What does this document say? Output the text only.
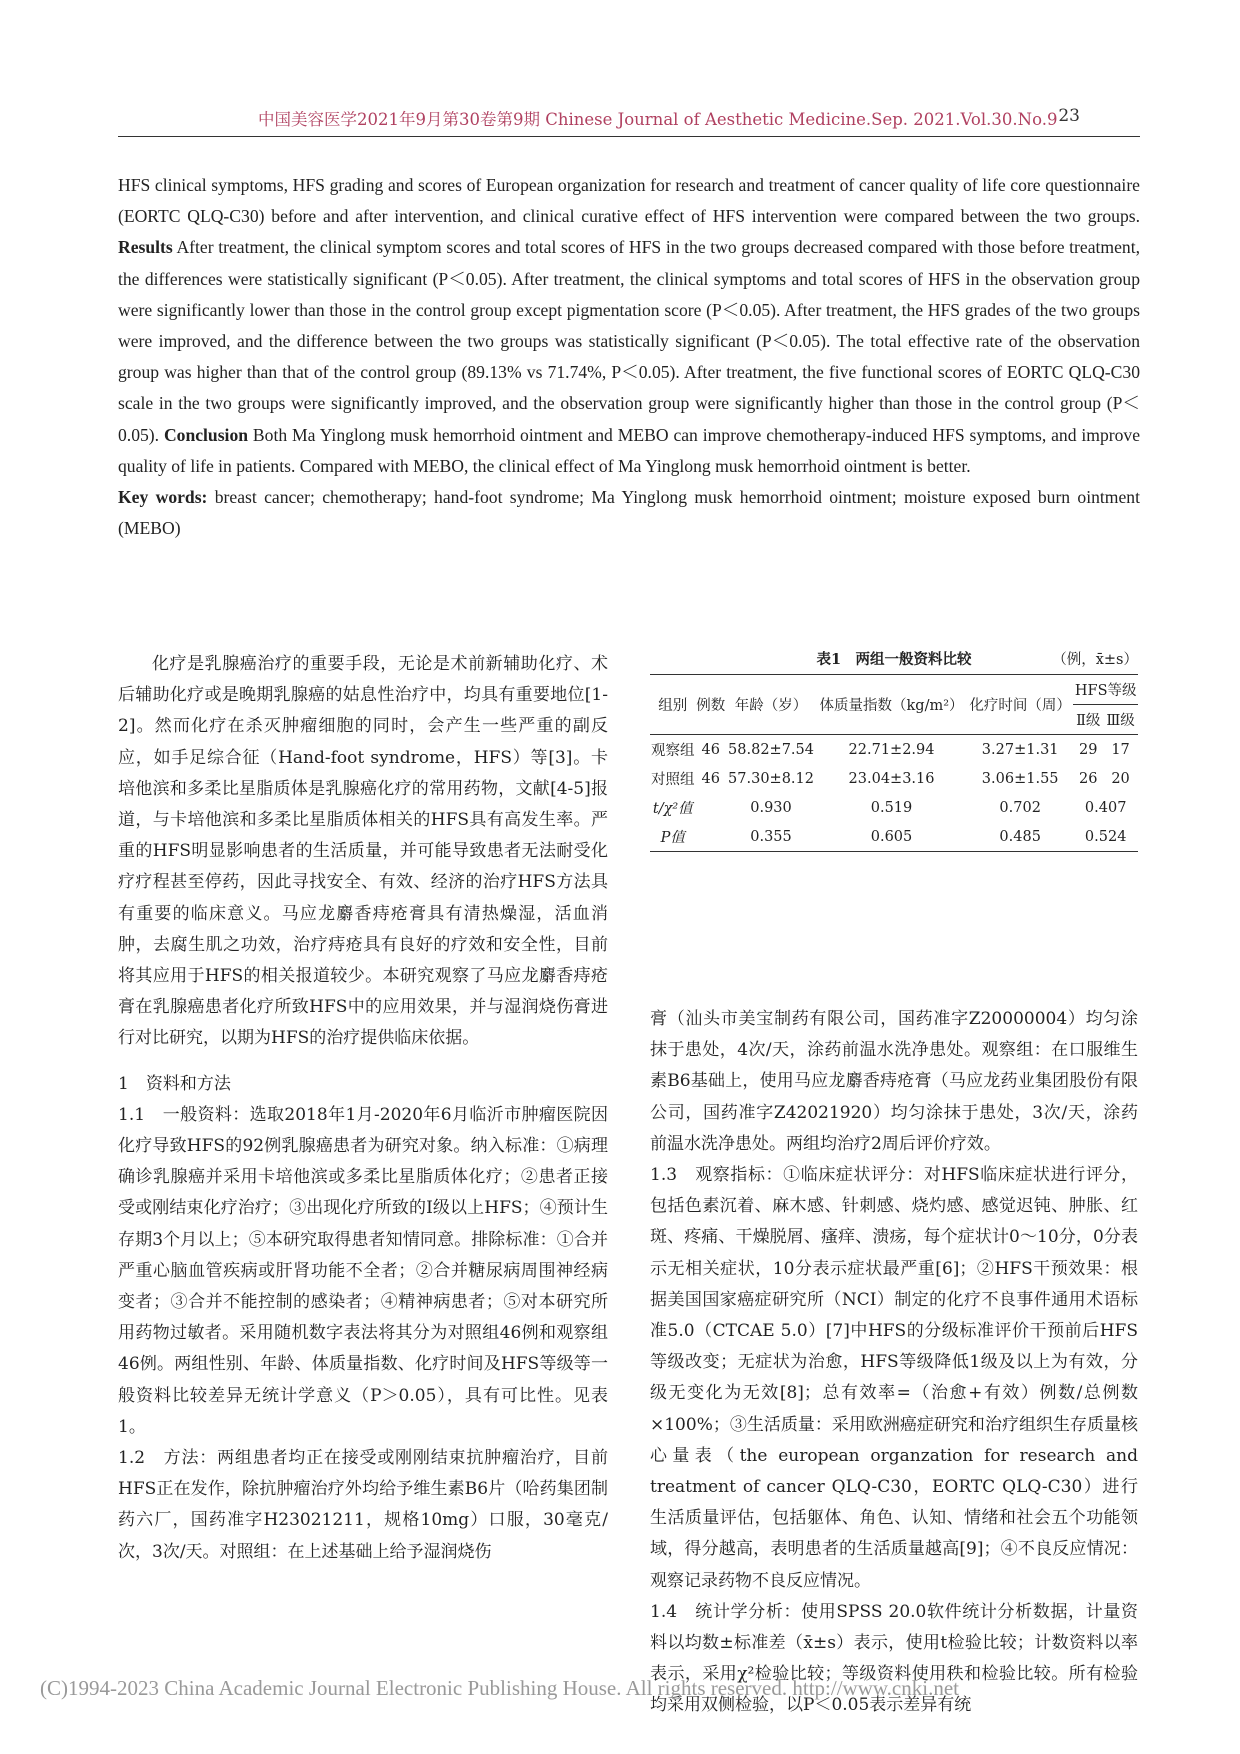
中国美容医学2021年9月第30卷第9期 Chinese Journal of Aesthetic Medicine.Sep. 2021.Vol.30.No.9 23

HFS clinical symptoms, HFS grading and scores of European organization for research and treatment of cancer quality of life core questionnaire (EORTC QLQ-C30) before and after intervention, and clinical curative effect of HFS intervention were compared between the two groups. Results After treatment, the clinical symptom scores and total scores of HFS in the two groups decreased compared with those before treatment, the differences were statistically significant (P＜0.05). After treatment, the clinical symptoms and total scores of HFS in the observation group were significantly lower than those in the control group except pigmentation score (P＜0.05). After treatment, the HFS grades of the two groups were improved, and the difference between the two groups was statistically significant (P＜0.05). The total effective rate of the observation group was higher than that of the control group (89.13% vs 71.74%, P＜0.05). After treatment, the five functional scores of EORTC QLQ-C30 scale in the two groups were significantly improved, and the observation group were significantly higher than those in the control group (P＜0.05). Conclusion Both Ma Yinglong musk hemorrhoid ointment and MEBO can improve chemotherapy-induced HFS symptoms, and improve quality of life in patients. Compared with MEBO, the clinical effect of Ma Yinglong musk hemorrhoid ointment is better.

Key words: breast cancer; chemotherapy; hand-foot syndrome; Ma Yinglong musk hemorrhoid ointment; moisture exposed burn ointment (MEBO)

化疗是乳腺癌治疗的重要手段，无论是术前新辅助化疗、术后辅助化疗或是晚期乳腺癌的姑息性治疗中，均具有重要地位[1-2]。然而化疗在杀灭肿瘤细胞的同时，会产生一些严重的副反应，如手足综合征（Hand-foot syndrome，HFS）等[3]。卡培他滨和多柔比星脂质体是乳腺癌化疗的常用药物，文献[4-5]报道，与卡培他滨和多柔比星脂质体相关的HFS具有高发生率。严重的HFS明显影响患者的生活质量，并可能导致患者无法耐受化疗疗程甚至停药，因此寻找安全、有效、经济的治疗HFS方法具有重要的临床意义。马应龙麝香痔疮膏具有清热燥湿，活血消肿，去腐生肌之功效，治疗痔疮具有良好的疗效和安全性，目前将其应用于HFS的相关报道较少。本研究观察了马应龙麝香痔疮膏在乳腺癌患者化疗所致HFS中的应用效果，并与湿润烧伤膏进行对比研究，以期为HFS的治疗提供临床依据。

1　资料和方法

1.1　一般资料：选取2018年1月-2020年6月临沂市肿瘤医院因化疗导致HFS的92例乳腺癌患者为研究对象。纳入标准：①病理确诊乳腺癌并采用卡培他滨或多柔比星脂质体化疗；②患者正接受或刚结束化疗治疗；③出现化疗所致的Ⅰ级以上HFS；④预计生存期3个月以上；⑤本研究取得患者知情同意。排除标准：①合并严重心脑血管疾病或肝肾功能不全者；②合并糖尿病周围神经病变者；③合并不能控制的感染者；④精神病患者；⑤对本研究所用药物过敏者。采用随机数字表法将其分为对照组46例和观察组46例。两组性别、年龄、体质量指数、化疗时间及HFS等级等一般资料比较差异无统计学意义（P＞0.05），具有可比性。见表1。

1.2　方法：两组患者均正在接受或刚刚结束抗肿瘤治疗，目前HFS正在发作，除抗肿瘤治疗外均给予维生素B6片（哈药集团制药六厂，国药准字H23021211，规格10mg）口服，30毫克/次，3次/天。对照组：在上述基础上给予湿润烧伤

表1　两组一般资料比较	（例，x̄±s）
组别	例数	年龄（岁）	体质量指数（kg/m²）	化疗时间（周）	HFS等级	
					Ⅱ级	Ⅲ级
观察组	46	58.82±7.54	22.71±2.94	3.27±1.31	29	17
对照组	46	57.30±8.12	23.04±3.16	3.06±1.55	26	20
t/χ²值		0.930	0.519	0.702	0.407	
P值		0.355	0.605	0.485	0.524	

膏（汕头市美宝制药有限公司，国药准字Z20000004）均匀涂抹于患处，4次/天，涂药前温水洗净患处。观察组：在口服维生素B6基础上，使用马应龙麝香痔疮膏（马应龙药业集团股份有限公司，国药准字Z42021920）均匀涂抹于患处，3次/天，涂药前温水洗净患处。两组均治疗2周后评价疗效。

1.3　观察指标：①临床症状评分：对HFS临床症状进行评分，包括色素沉着、麻木感、针刺感、烧灼感、感觉迟钝、肿胀、红斑、疼痛、干燥脱屑、瘙痒、溃疡，每个症状计0～10分，0分表示无相关症状，10分表示症状最严重[6]；②HFS干预效果：根据美国国家癌症研究所（NCI）制定的化疗不良事件通用术语标准5.0（CTCAE 5.0）[7]中HFS的分级标准评价干预前后HFS等级改变；无症状为治愈，HFS等级降低1级及以上为有效，分级无变化为无效[8]；总有效率=（治愈+有效）例数/总例数×100%；③生活质量：采用欧洲癌症研究和治疗组织生存质量核心量表（the european organzation for research and treatment of cancer QLQ-C30，EORTC QLQ-C30）进行生活质量评估，包括躯体、角色、认知、情绪和社会五个功能领域，得分越高，表明患者的生活质量越高[9]；④不良反应情况：观察记录药物不良反应情况。

1.4　统计学分析：使用SPSS 20.0软件统计分析数据，计量资料以均数±标准差（x̄±s）表示，使用t检验比较；计数资料以率表示，采用χ²检验比较；等级资料使用秩和检验比较。所有检验均采用双侧检验，以P＜0.05表示差异有统

(C)1994-2023 China Academic Journal Electronic Publishing House. All rights reserved. http://www.cnki.net
